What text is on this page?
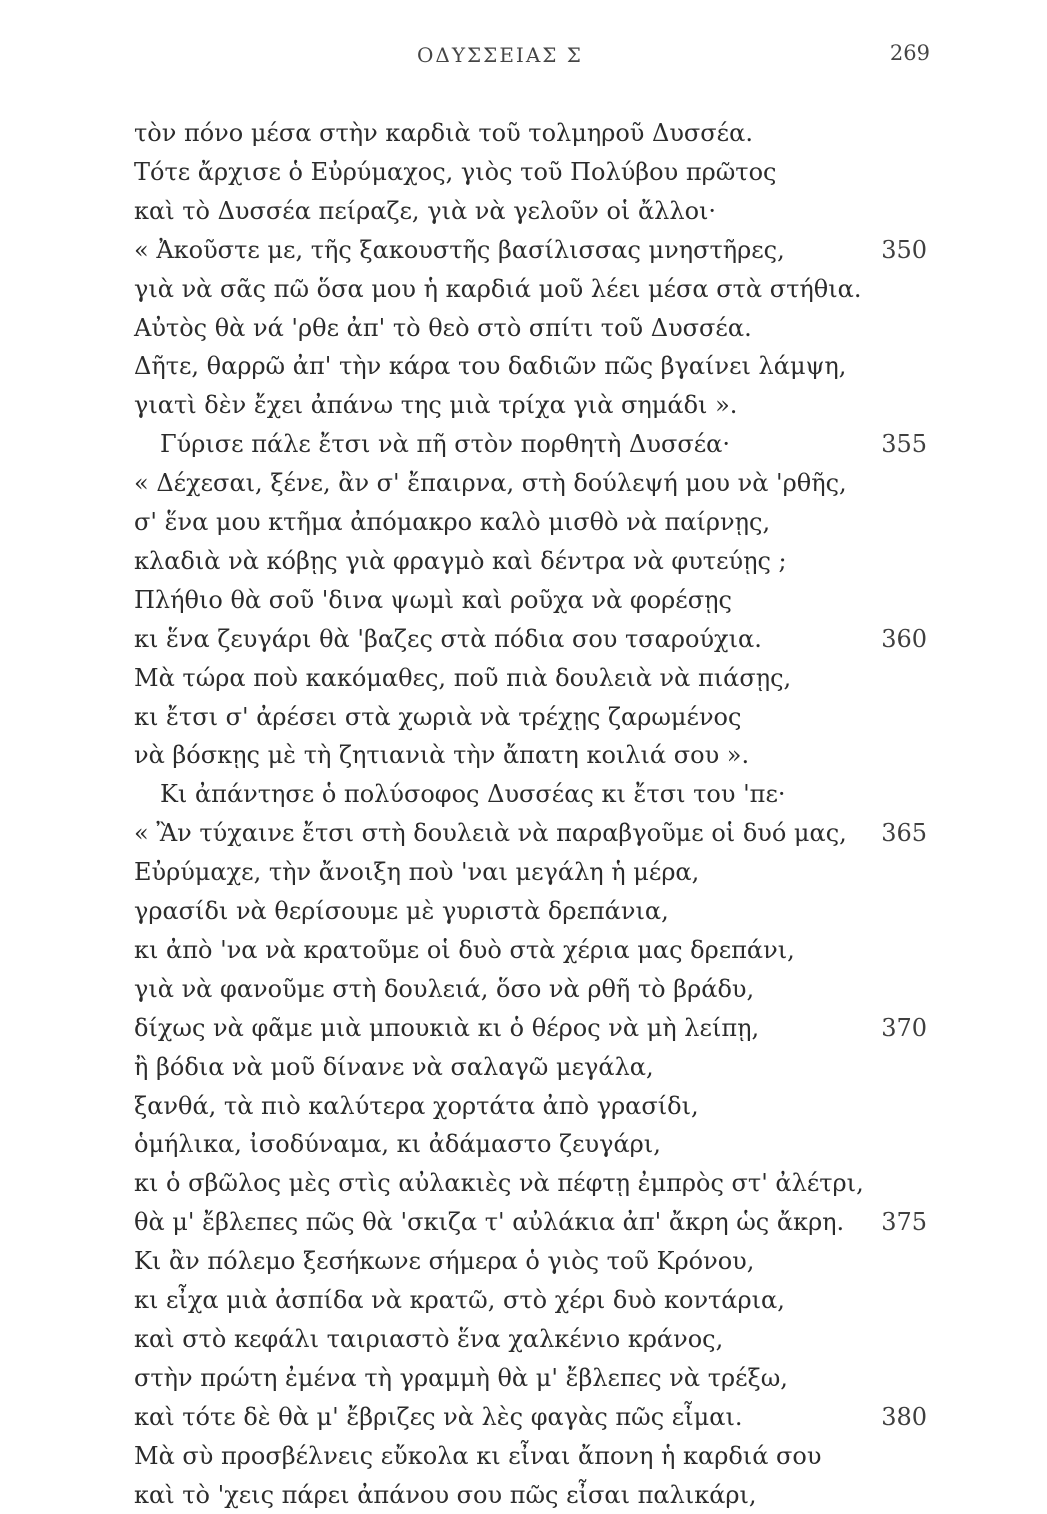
ΟΔΥΣΣΕΙΑΣ Σ	269
τὸν πόνο μέσα στὴν καρδιὰ τοῦ τολμηροῦ Δυσσέα.
Τότε ἄρχισε ὁ Εὐρύμαχος, γιὸς τοῦ Πολύβου πρῶτος
καὶ τὸ Δυσσέα πείραζε, γιὰ νὰ γελοῦν οἱ ἄλλοι·
« Ἀκοῦστε με, τῆς ξακουστῆς βασίλισσας μνηστῆρες,	350
γιὰ νὰ σᾶς πῶ ὅσα μου ἡ καρδιά μοῦ λέει μέσα στὰ στήθια.
Αὐτὸς θὰ νά 'ρθε ἀπ' τὸ θεὸ στὸ σπίτι τοῦ Δυσσέα.
Δῆτε, θαρρῶ ἀπ' τὴν κάρα του δαδιῶν πῶς βγαίνει λάμψη,
γιατὶ δὲν ἔχει ἀπάνω της μιὰ τρίχα γιὰ σημάδι ».
Γύρισε πάλε ἔτσι νὰ πῆ στὸν πορθητὴ Δυσσέα·	355
« Δέχεσαι, ξένε, ἂν σ' ἔπαιρνα, στὴ δούλεψή μου νὰ 'ρθῆς,
σ' ἕνα μου κτῆμα ἀπόμακρο καλὸ μισθὸ νὰ παίρνῃς,
κλαδιὰ νὰ κόβῃς γιὰ φραγμὸ καὶ δέντρα νὰ φυτεύῃς ;
Πλήθιο θὰ σοῦ 'δινα ψωμὶ καὶ ροῦχα νὰ φορέσῃς
κι ἕνα ζευγάρι θὰ 'βαζες στὰ πόδια σου τσαρούχια.	360
Μὰ τώρα ποὺ κακόμαθες, ποῦ πιὰ δουλειὰ νὰ πιάσῃς,
κι ἔτσι σ' ἀρέσει στὰ χωριὰ νὰ τρέχῃς ζαρωμένος
νὰ βόσκῃς μὲ τὴ ζητιανιὰ τὴν ἄπατη κοιλιά σου ».
Κι ἀπάντησε ὁ πολύσοφος Δυσσέας κι ἔτσι του 'πε·
« Ἂν τύχαινε ἔτσι στὴ δουλειὰ νὰ παραβγοῦμε οἱ δυό μας,	365
Εὐρύμαχε, τὴν ἄνοιξη ποὺ 'ναι μεγάλη ἡ μέρα,
γρασίδι νὰ θερίσουμε μὲ γυριστὰ δρεπάνια,
κι ἀπὸ 'να νὰ κρατοῦμε οἱ δυὸ στὰ χέρια μας δρεπάνι,
γιὰ νὰ φανοῦμε στὴ δουλειά, ὅσο νὰ ρθῆ τὸ βράδυ,
δίχως νὰ φᾶμε μιὰ μπουκιὰ κι ὁ θέρος νὰ μὴ λείπῃ,	370
ἢ βόδια νὰ μοῦ δίνανε νὰ σαλαγῶ μεγάλα,
ξανθά, τὰ πιὸ καλύτερα χορτάτα ἀπὸ γρασίδι,
ὁμήλικα, ἰσοδύναμα, κι ἀδάμαστο ζευγάρι,
κι ὁ σβῶλος μὲς στὶς αὐλακιὲς νὰ πέφτῃ ἐμπρὸς στ' ἀλέτρι,
θὰ μ' ἔβλεπες πῶς θὰ 'σκιζα τ' αὐλάκια ἀπ' ἄκρη ὡς ἄκρη.	375
Κι ἂν πόλεμο ξεσήκωνε σήμερα ὁ γιὸς τοῦ Κρόνου,
κι εἶχα μιὰ ἀσπίδα νὰ κρατῶ, στὸ χέρι δυὸ κοντάρια,
καὶ στὸ κεφάλι ταιριαστὸ ἕνα χαλκένιο κράνος,
στὴν πρώτη ἐμένα τὴ γραμμὴ θὰ μ' ἔβλεπες νὰ τρέξω,
καὶ τότε δὲ θὰ μ' ἔβριζες νὰ λὲς φαγὰς πῶς εἶμαι.	380
Μὰ σὺ προσβέλνεις εὔκολα κι εἶναι ἄπονη ἡ καρδιά σου
καὶ τὸ 'χεις πάρει ἀπάνου σου πῶς εἶσαι παλικάρι,
